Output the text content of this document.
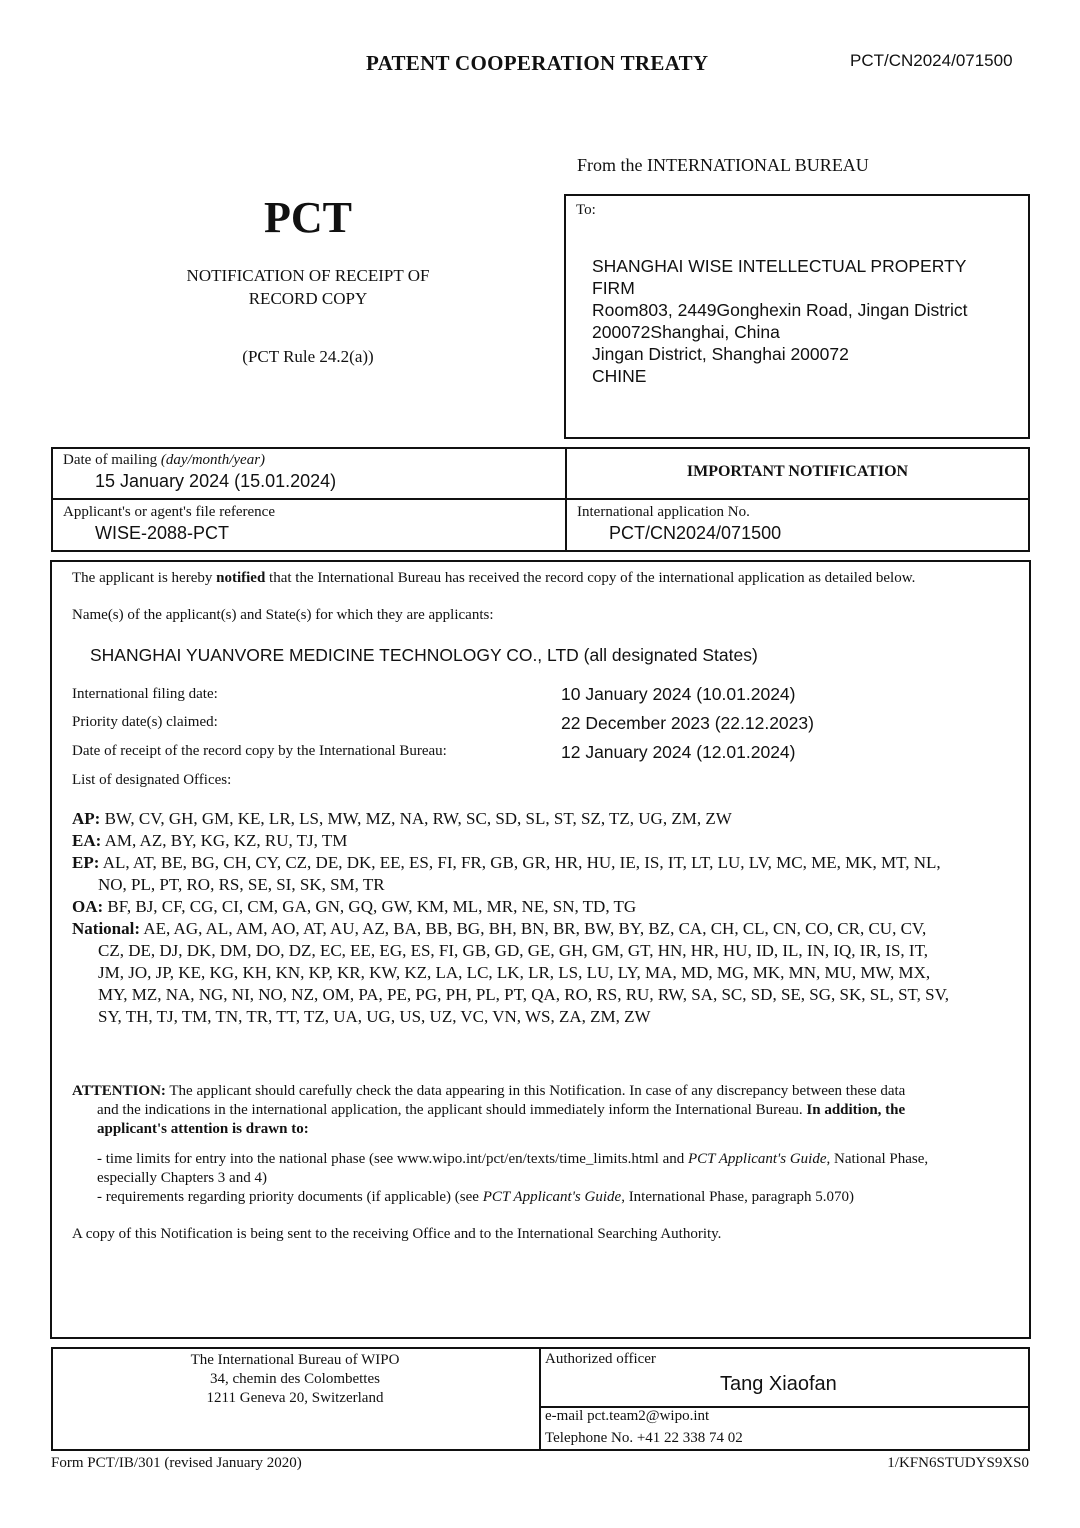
PATENT COOPERATION TREATY	PCT/CN2024/071500
From the INTERNATIONAL BUREAU
PCT
NOTIFICATION OF RECEIPT OF
RECORD COPY
(PCT Rule 24.2(a))
To:
SHANGHAI WISE INTELLECTUAL PROPERTY
FIRM
Room803, 2449Gonghexin Road, Jingan District
200072Shanghai, China
Jingan District, Shanghai 200072
CHINE
Date of mailing (day/month/year)
15 January 2024 (15.01.2024)	IMPORTANT NOTIFICATION
Applicant's or agent's file reference
WISE-2088-PCT
International application No.
PCT/CN2024/071500
The applicant is hereby notified that the International Bureau has received the record copy of the international application as detailed below.
Name(s) of the applicant(s) and State(s) for which they are applicants:
SHANGHAI YUANVORE MEDICINE TECHNOLOGY CO., LTD (all designated States)
International filing date:	10 January 2024 (10.01.2024)
Priority date(s) claimed:	22 December 2023 (22.12.2023)
Date of receipt of the record copy by the International Bureau:	12 January 2024 (12.01.2024)
List of designated Offices:
AP: BW, CV, GH, GM, KE, LR, LS, MW, MZ, NA, RW, SC, SD, SL, ST, SZ, TZ, UG, ZM, ZW
EA: AM, AZ, BY, KG, KZ, RU, TJ, TM
EP: AL, AT, BE, BG, CH, CY, CZ, DE, DK, EE, ES, FI, FR, GB, GR, HR, HU, IE, IS, IT, LT, LU, LV, MC, ME, MK, MT, NL,
NO, PL, PT, RO, RS, SE, SI, SK, SM, TR
OA: BF, BJ, CF, CG, CI, CM, GA, GN, GQ, GW, KM, ML, MR, NE, SN, TD, TG
National: AE, AG, AL, AM, AO, AT, AU, AZ, BA, BB, BG, BH, BN, BR, BW, BY, BZ, CA, CH, CL, CN, CO, CR, CU, CV,
CZ, DE, DJ, DK, DM, DO, DZ, EC, EE, EG, ES, FI, GB, GD, GE, GH, GM, GT, HN, HR, HU, ID, IL, IN, IQ, IR, IS, IT,
JM, JO, JP, KE, KG, KH, KN, KP, KR, KW, KZ, LA, LC, LK, LR, LS, LU, LY, MA, MD, MG, MK, MN, MU, MW, MX,
MY, MZ, NA, NG, NI, NO, NZ, OM, PA, PE, PG, PH, PL, PT, QA, RO, RS, RU, RW, SA, SC, SD, SE, SG, SK, SL, ST, SV,
SY, TH, TJ, TM, TN, TR, TT, TZ, UA, UG, US, UZ, VC, VN, WS, ZA, ZM, ZW
ATTENTION: The applicant should carefully check the data appearing in this Notification. In case of any discrepancy between these data
and the indications in the international application, the applicant should immediately inform the International Bureau. In addition, the
applicant's attention is drawn to:
- time limits for entry into the national phase (see www.wipo.int/pct/en/texts/time_limits.html and PCT Applicant's Guide, National Phase,
especially Chapters 3 and 4)
- requirements regarding priority documents (if applicable) (see PCT Applicant's Guide, International Phase, paragraph 5.070)
A copy of this Notification is being sent to the receiving Office and to the International Searching Authority.
The International Bureau of WIPO
34, chemin des Colombettes
1211 Geneva 20, Switzerland
Authorized officer
Tang Xiaofan
e-mail pct.team2@wipo.int
Telephone No. +41 22 338 74 02
Form PCT/IB/301 (revised January 2020)	1/KFN6STUDYS9XS0
